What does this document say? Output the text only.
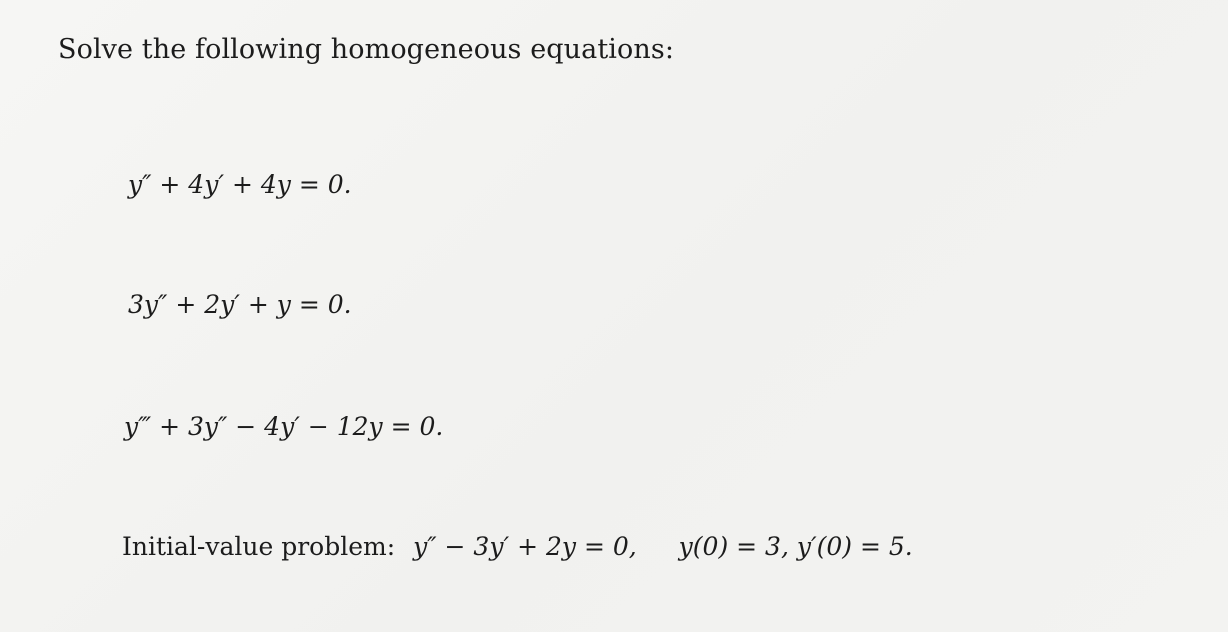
Solve the following homogeneous equations:
y″ + 4y′ + 4y = 0.
3y″ + 2y′ + y = 0.
y‴ + 3y″ − 4y′ − 12y = 0.
Initial-value problem: y″ − 3y′ + 2y = 0, y(0) = 3, y′(0) = 5.
